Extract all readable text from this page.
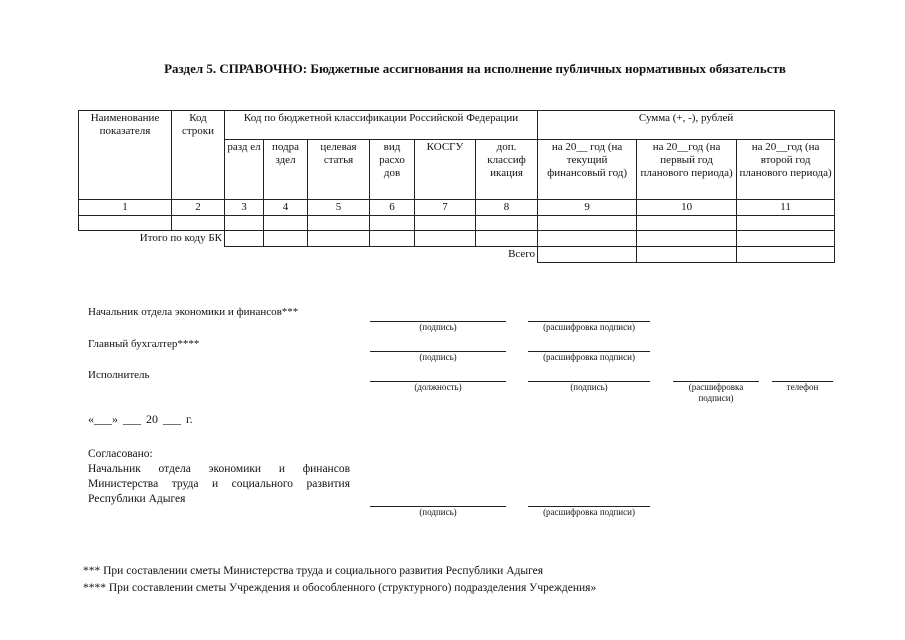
Раздел 5. СПРАВОЧНО: Бюджетные ассигнования на исполнение публичных нормативных обязательств
Наименование показателя	Код строки	Код по бюджетной классификации Российской Федерации						Сумма (+, -), рублей		
		разд ел	подра здел	целевая статья	вид расхо дов	КОСГУ	доп. классиф икация	на 20__ год (на текущий финансовый год)	на 20__год (на первый год планового периода)	на 20__год (на второй год планового периода)
1	2	3	4	5	6	7	8	9	10	11

Итого по коду БК										
Всего										
Начальник отдела экономики и финансов***
(подпись)	(расшифровка подписи)
Главный бухгалтер****
(подпись)	(расшифровка подписи)
Исполнитель
(должность)	(подпись)	(расшифровка подписи)
телефон
«___» ___ 20 ___ г.
Согласовано:
Начальник отдела экономики и финансов
Министерства труда и социального развития
Республики Адыгея
(подпись)	(расшифровка подписи)
*** При составлении сметы Министерства труда и социального развития Республики Адыгея
**** При составлении сметы Учреждения и обособленного (структурного) подразделения Учреждения»
